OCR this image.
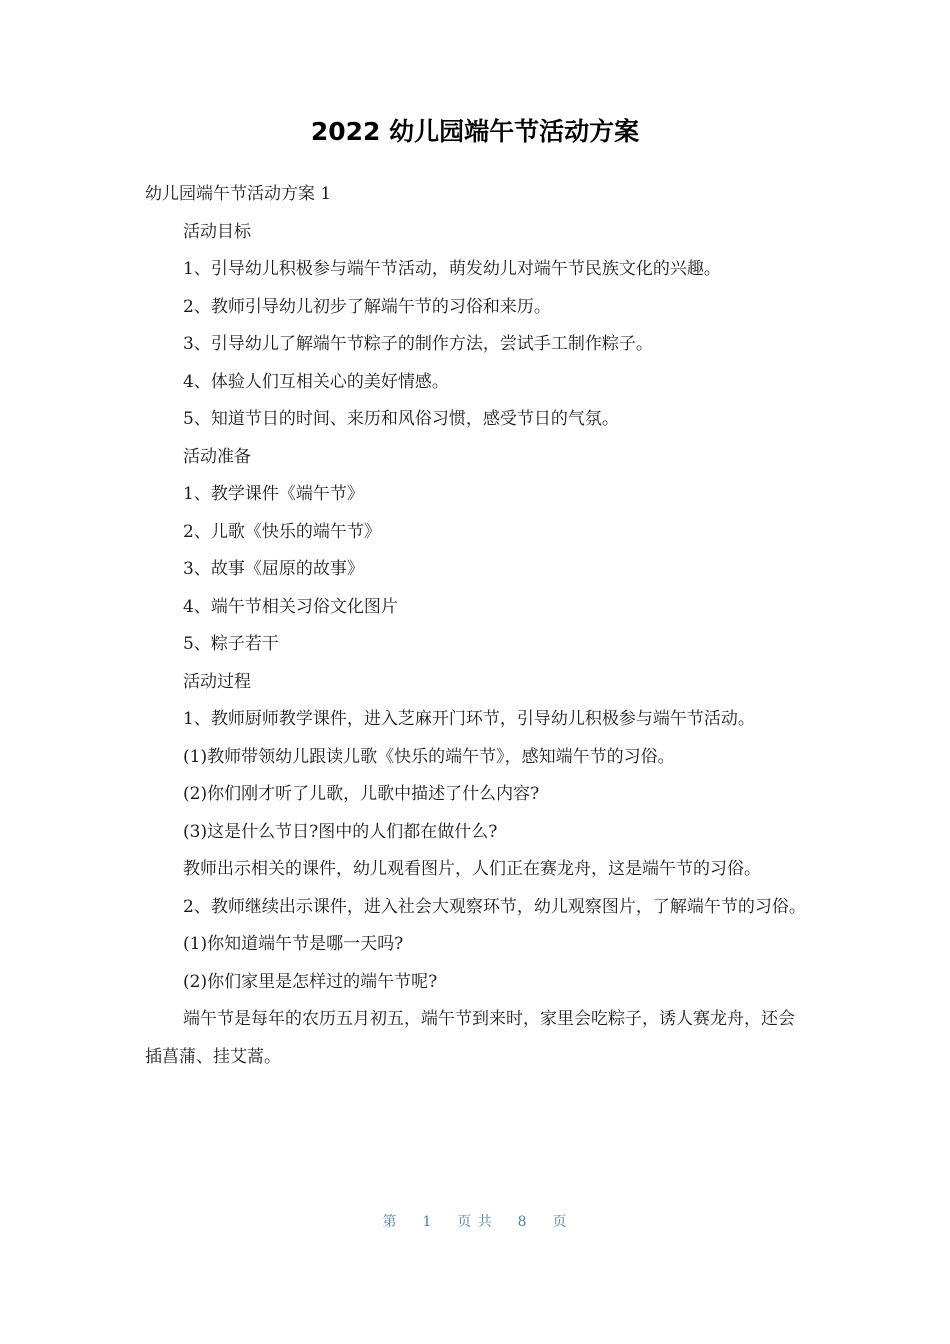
2022 幼儿园端午节活动方案

幼儿园端午节活动方案 1

活动目标

1、引导幼儿积极参与端午节活动，萌发幼儿对端午节民族文化的兴趣。

2、教师引导幼儿初步了解端午节的习俗和来历。

3、引导幼儿了解端午节粽子的制作方法，尝试手工制作粽子。

4、体验人们互相关心的美好情感。

5、知道节日的时间、来历和风俗习惯，感受节日的气氛。

活动准备

1、教学课件《端午节》

2、儿歌《快乐的端午节》

3、故事《屈原的故事》

4、端午节相关习俗文化图片

5、粽子若干

活动过程

1、教师厨师教学课件，进入芝麻开门环节，引导幼儿积极参与端午节活动。

(1)教师带领幼儿跟读儿歌《快乐的端午节》，感知端午节的习俗。

(2)你们刚才听了儿歌，儿歌中描述了什么内容?

(3)这是什么节日?图中的人们都在做什么?

教师出示相关的课件，幼儿观看图片，人们正在赛龙舟，这是端午节的习俗。

2、教师继续出示课件，进入社会大观察环节，幼儿观察图片，了解端午节的习俗。

(1)你知道端午节是哪一天吗?

(2)你们家里是怎样过的端午节呢?

端午节是每年的农历五月初五，端午节到来时，家里会吃粽子，诱人赛龙舟，还会插菖蒲、挂艾蒿。

第 1 页 共 8 页
